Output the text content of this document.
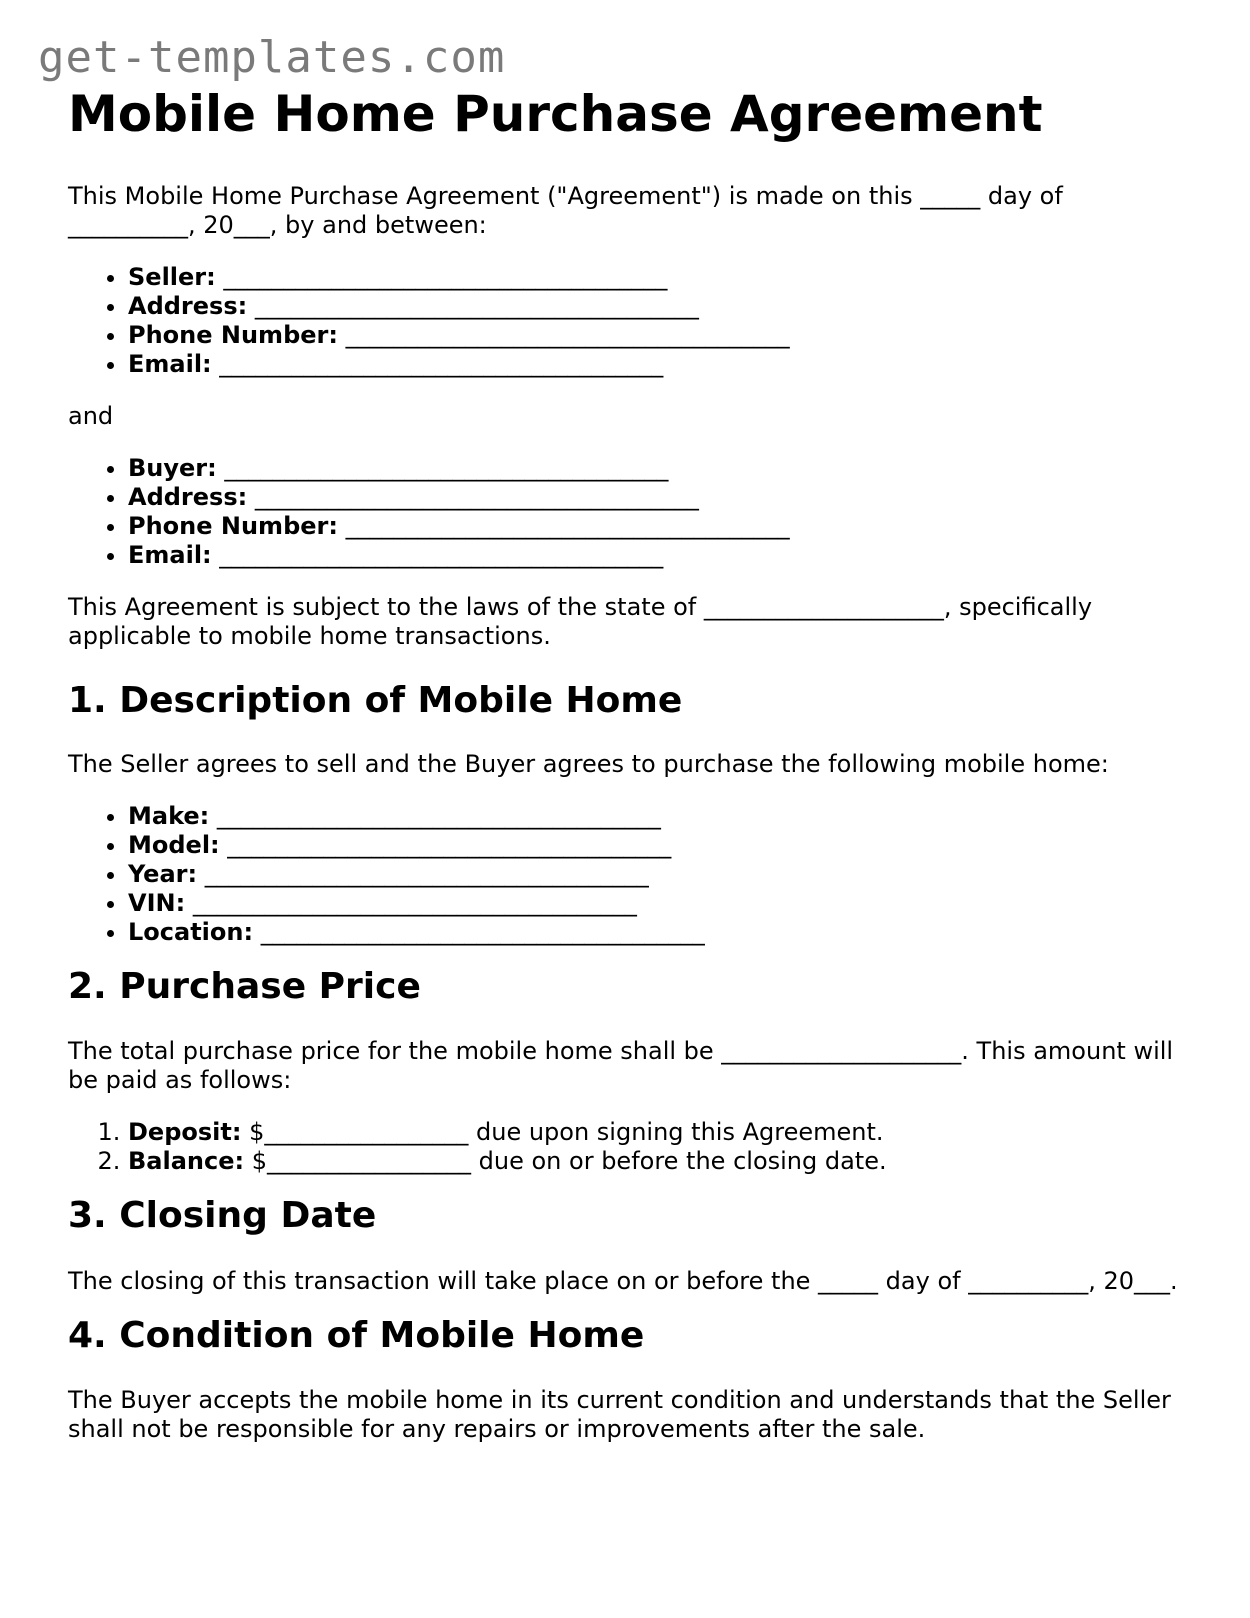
get-templates.com
Mobile Home Purchase Agreement

This Mobile Home Purchase Agreement ("Agreement") is made on this _____ day of __________, 20___, by and between:

• Seller: _____________________________________
• Address: _____________________________________
• Phone Number: _____________________________________
• Email: _____________________________________

and

• Buyer: _____________________________________
• Address: _____________________________________
• Phone Number: _____________________________________
• Email: _____________________________________

This Agreement is subject to the laws of the state of ____________________, specifically applicable to mobile home transactions.

1. Description of Mobile Home

The Seller agrees to sell and the Buyer agrees to purchase the following mobile home:

• Make: _____________________________________
• Model: _____________________________________
• Year: _____________________________________
• VIN: _____________________________________
• Location: _____________________________________
2. Purchase Price

The total purchase price for the mobile home shall be ____________________. This amount will be paid as follows:

1. Deposit: $_________________ due upon signing this Agreement.
2. Balance: $_________________ due on or before the closing date.
3. Closing Date

The closing of this transaction will take place on or before the _____ day of __________, 20___.

4. Condition of Mobile Home

The Buyer accepts the mobile home in its current condition and understands that the Seller shall not be responsible for any repairs or improvements after the sale.
